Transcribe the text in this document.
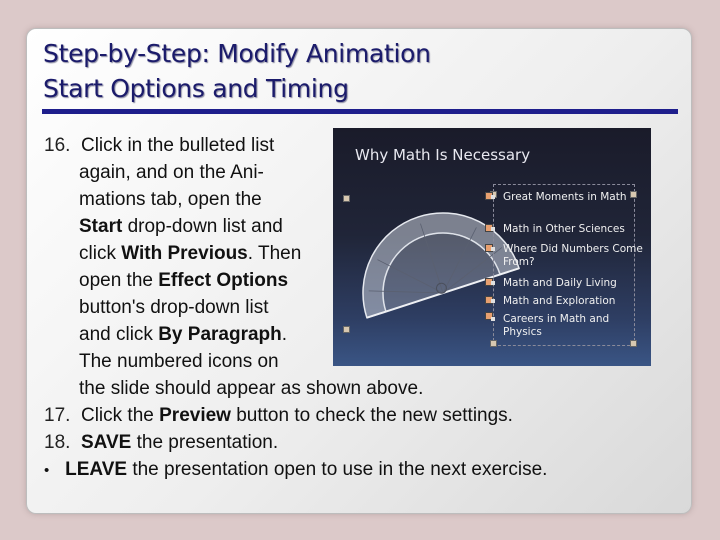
Step-by-Step: Modify Animation
Start Options and Timing
16. Click in the bulleted list
again, and on the Ani-
mations tab, open the
Start drop-down list and
click With Previous. Then
open the Effect Options
button's drop-down list
and click By Paragraph.
The numbered icons on
the slide should appear as shown above.
17. Click the Preview button to check the new settings.
18. SAVE the presentation.
• LEAVE the presentation open to use in the next exercise.
Why Math Is Necessary
Great Moments in Math
Math in Other Sciences
Where Did Numbers Come From?
Math and Daily Living
Math and Exploration
Careers in Math and Physics
